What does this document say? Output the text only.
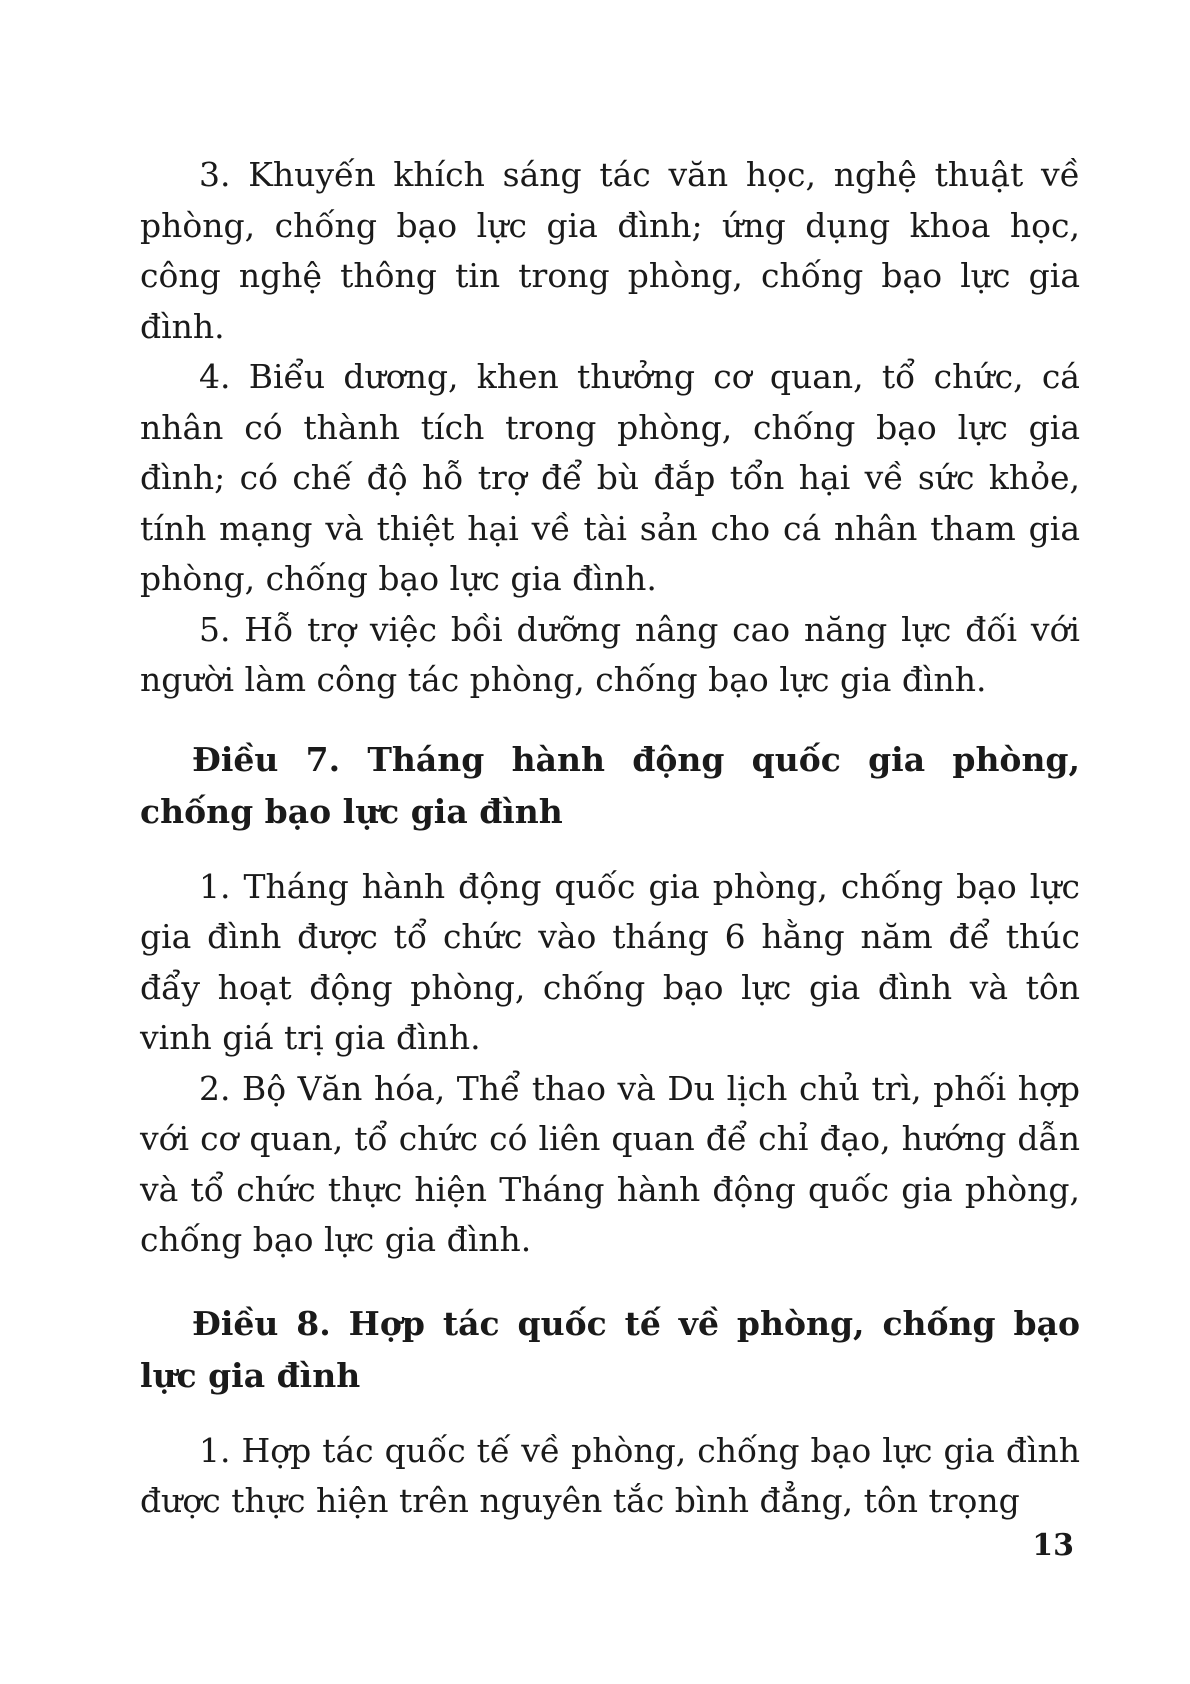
3. Khuyến khích sáng tác văn học, nghệ thuật về phòng, chống bạo lực gia đình; ứng dụng khoa học, công nghệ thông tin trong phòng, chống bạo lực gia đình.

4. Biểu dương, khen thưởng cơ quan, tổ chức, cá nhân có thành tích trong phòng, chống bạo lực gia đình; có chế độ hỗ trợ để bù đắp tổn hại về sức khỏe, tính mạng và thiệt hại về tài sản cho cá nhân tham gia phòng, chống bạo lực gia đình.

5. Hỗ trợ việc bồi dưỡng nâng cao năng lực đối với người làm công tác phòng, chống bạo lực gia đình.

Điều 7. Tháng hành động quốc gia phòng, chống bạo lực gia đình

1. Tháng hành động quốc gia phòng, chống bạo lực gia đình được tổ chức vào tháng 6 hằng năm để thúc đẩy hoạt động phòng, chống bạo lực gia đình và tôn vinh giá trị gia đình.

2. Bộ Văn hóa, Thể thao và Du lịch chủ trì, phối hợp với cơ quan, tổ chức có liên quan để chỉ đạo, hướng dẫn và tổ chức thực hiện Tháng hành động quốc gia phòng, chống bạo lực gia đình.

Điều 8. Hợp tác quốc tế về phòng, chống bạo lực gia đình

1. Hợp tác quốc tế về phòng, chống bạo lực gia đình được thực hiện trên nguyên tắc bình đẳng, tôn trọng

13
